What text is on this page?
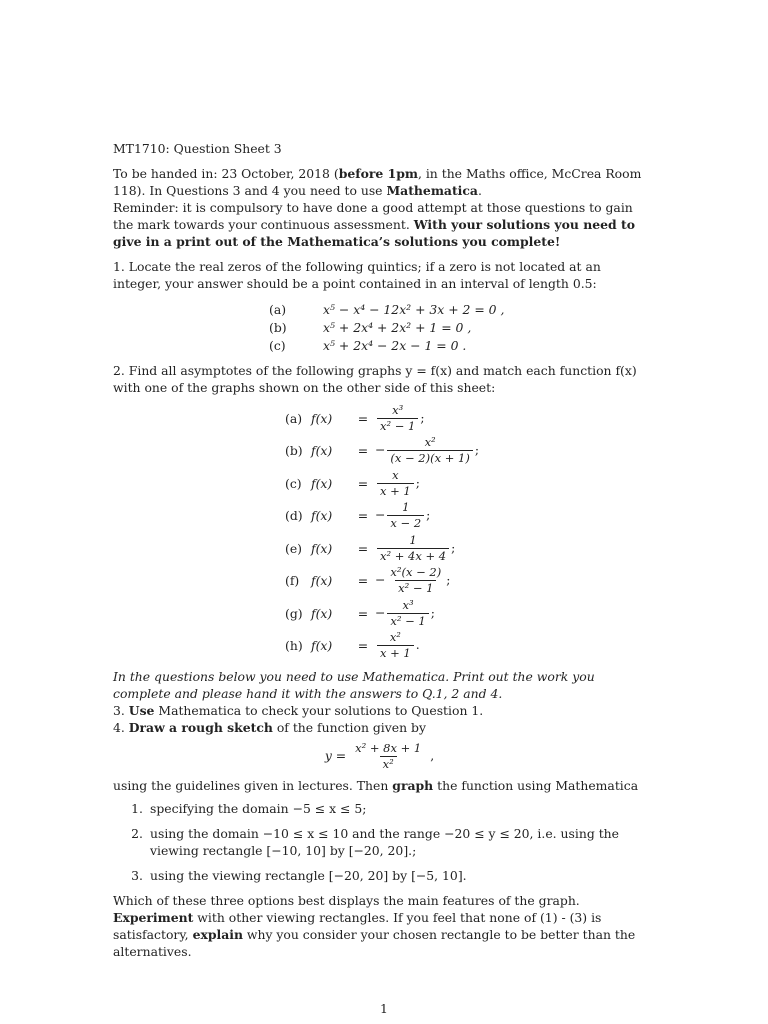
MT1710: Question Sheet 3

To be handed in: 23 October, 2018 (before 1pm, in the Maths office, McCrea Room 118). In Questions 3 and 4 you need to use Mathematica.

Reminder: it is compulsory to have done a good attempt at those questions to gain the mark towards your continuous assessment. With your solutions you need to give in a print out of the Mathematica’s solutions you complete!

1. Locate the real zeros of the following quintics; if a zero is not located at an integer, your answer should be a point contained in an interval of length 0.5:

(a)	x⁵ − x⁴ − 12x² + 3x + 2 = 0 ,
(b)	x⁵ + 2x⁴ + 2x² + 1 = 0 ,
(c)	x⁵ + 2x⁴ − 2x − 1 = 0 .

2. Find all asymptotes of the following graphs y = f(x) and match each function f(x) with one of the graphs shown on the other side of this sheet:

(a)	f(x)	=	$\frac{\text{x³}}{\text{x² − 1}}$ ;
(b)	f(x)	=	− $\frac{\text{x²}}{(x - 2)(x + 1)}$ ;
(c)	f(x)	=	$\frac{x}{x + 1}$ ;
(d)	f(x)	=	− $\frac{1}{x - 2}$ ;
(e)	f(x)	=	$\frac{1}{\text{x² + 4x + 4}}$ ;
(f)	f(x)	=	− $\frac{\text{x²(x − 2)}}{\text{x² − 1}}$ ;
(g)	f(x)	=	− $\frac{\text{x³}}{\text{x² − 1}}$ ;
(h)	f(x)	=	$\frac{\text{x²}}{x + 1}$ .

In the questions below you need to use Mathematica. Print out the work you complete and please hand it with the answers to Q.1, 2 and 4.

3. Use Mathematica to check your solutions to Question 1.

4. Draw a rough sketch of the function given by

$y = \frac{\text{x² + 8x + 1}}{\text{x²}}$ ,

using the guidelines given in lectures. Then graph the function using Mathematica

1. specifying the domain −5 ≤ x ≤ 5;
2. using the domain −10 ≤ x ≤ 10 and the range −20 ≤ y ≤ 20, i.e. using the viewing rectangle [−10, 10] by [−20, 20].;
3. using the viewing rectangle [−20, 20] by [−5, 10].

Which of these three options best displays the main features of the graph. Experiment with other viewing rectangles. If you feel that none of (1) - (3) is satisfactory, explain why you consider your chosen rectangle to be better than the alternatives.

1
